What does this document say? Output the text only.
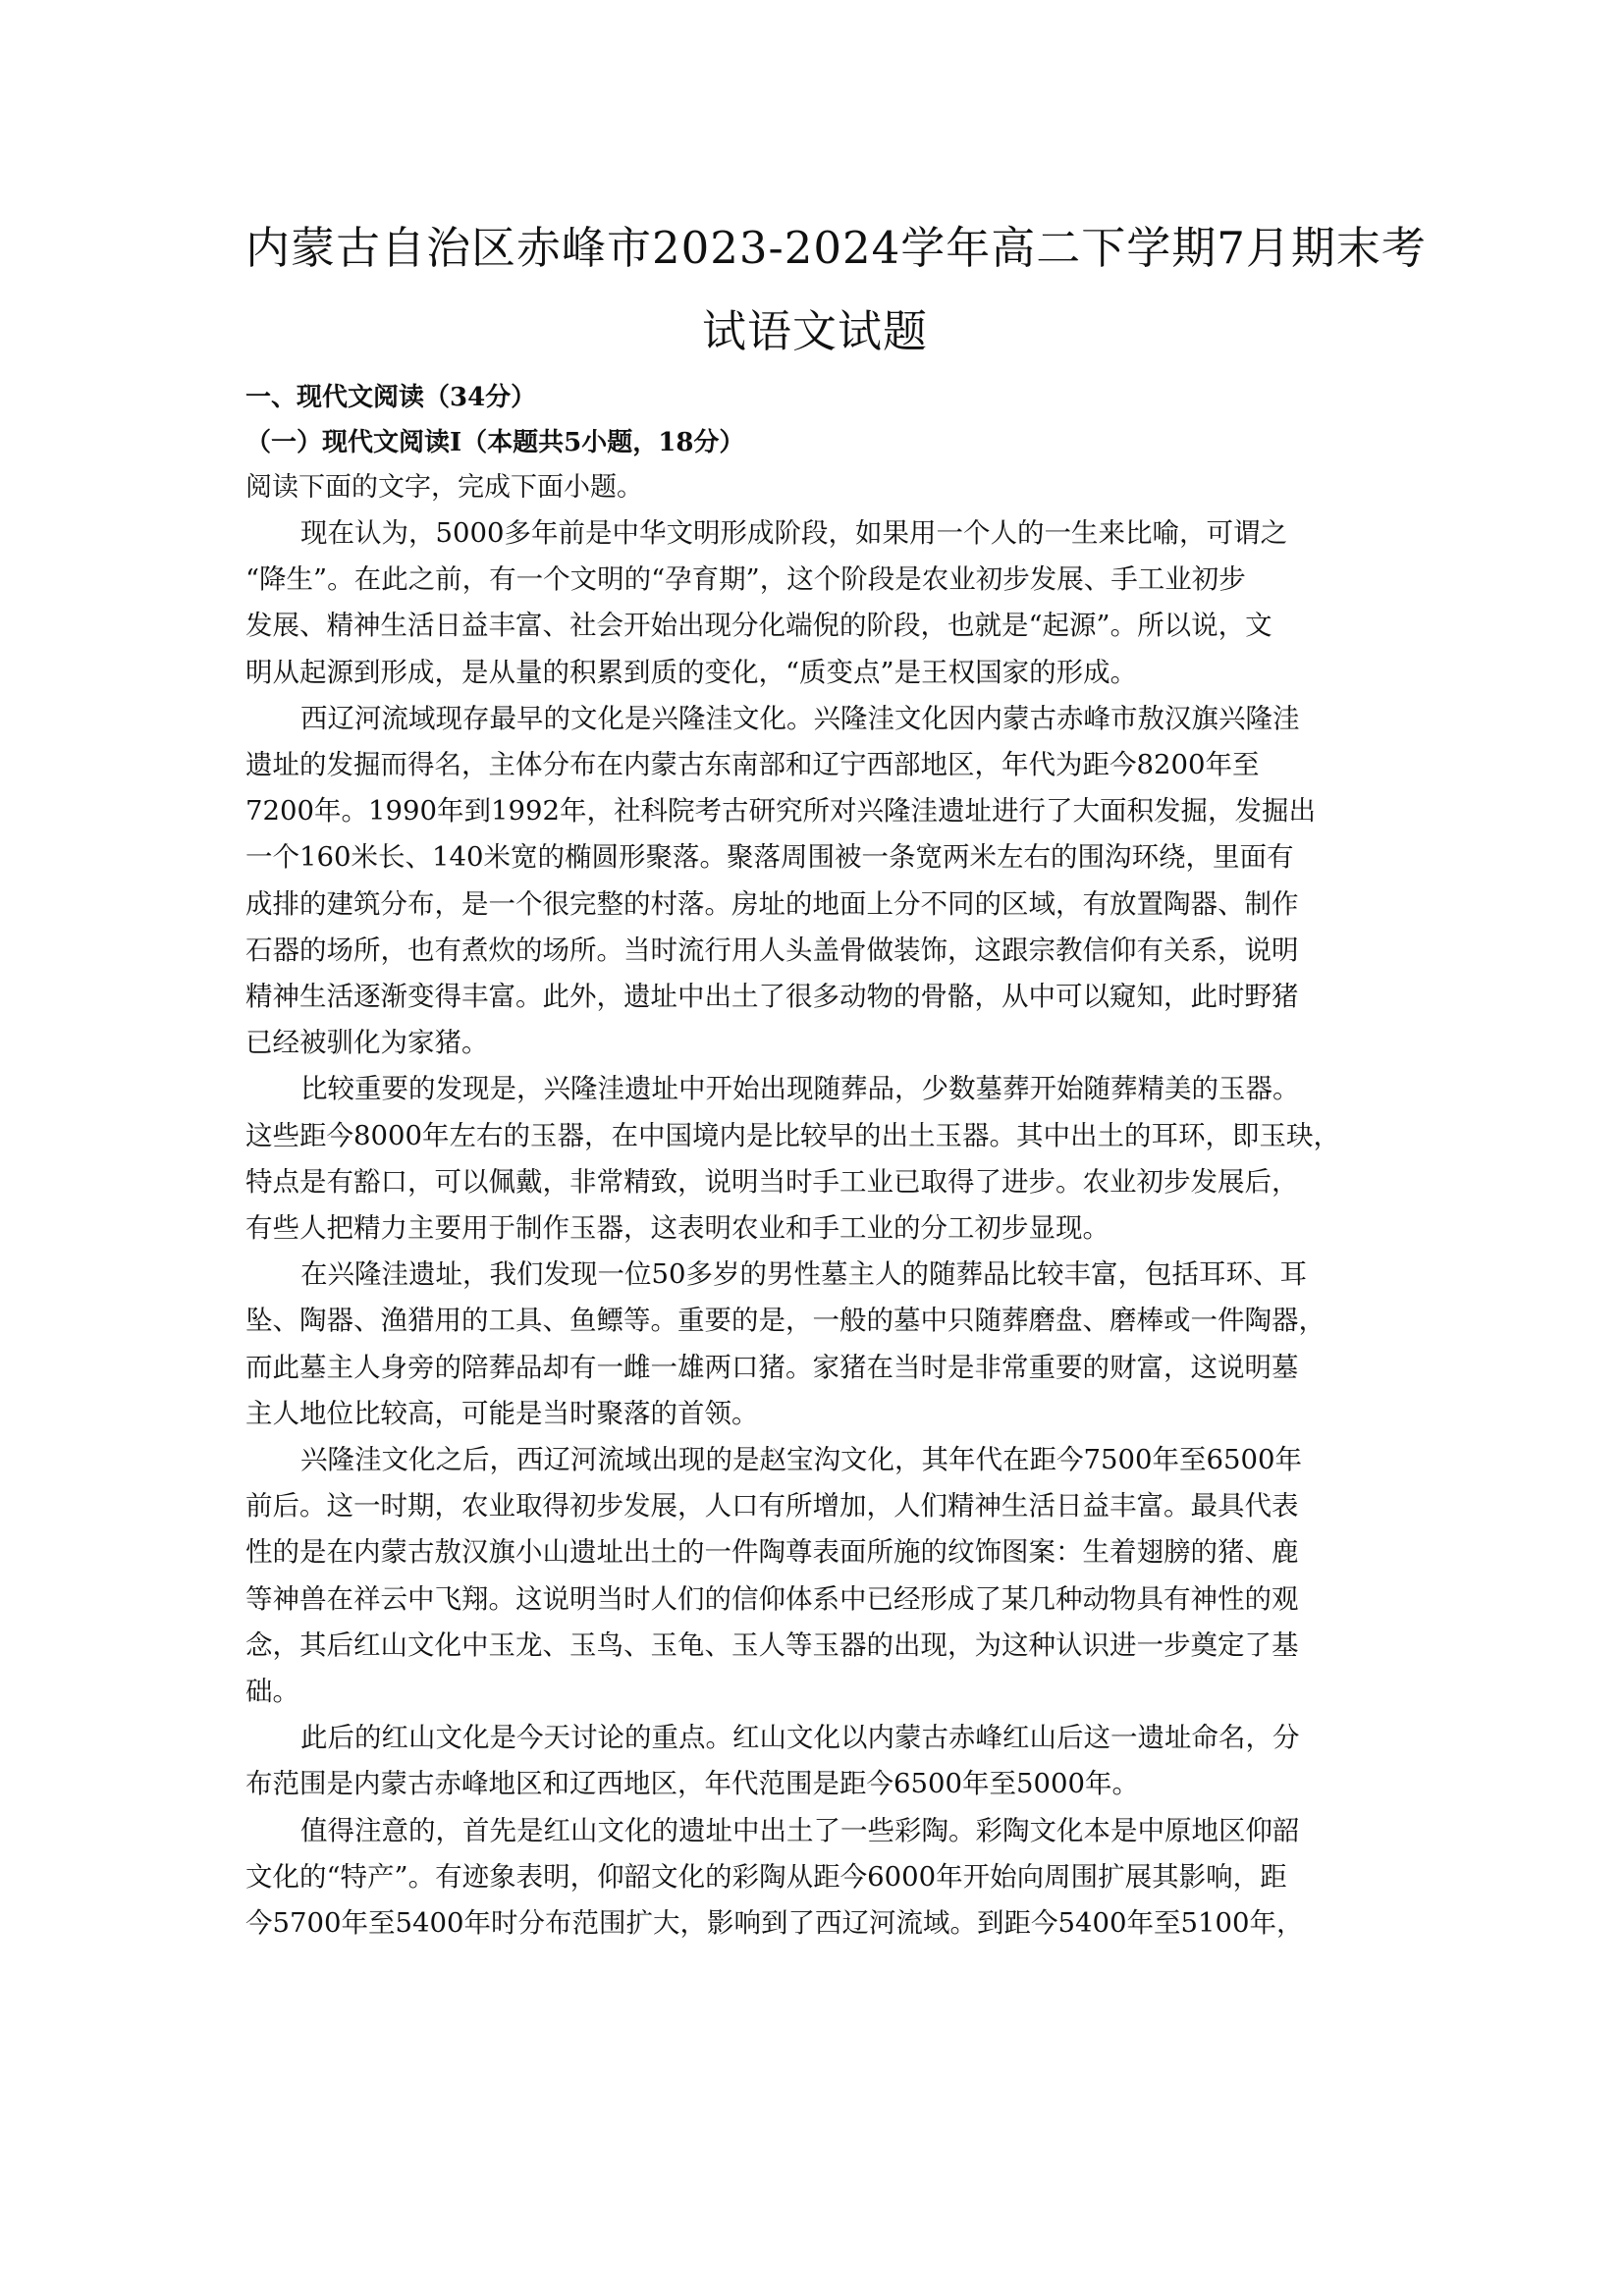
内蒙古自治区赤峰市2023-2024学年高二下学期7月期末考
试语文试题

一、现代文阅读（34分）

（一）现代文阅读Ⅰ（本题共5小题，18分）

阅读下面的文字，完成下面小题。

现在认为，5000多年前是中华文明形成阶段，如果用一个人的一生来比喻，可谓之
“降生”。在此之前，有一个文明的“孕育期”，这个阶段是农业初步发展、手工业初步
发展、精神生活日益丰富、社会开始出现分化端倪的阶段，也就是“起源”。所以说，文
明从起源到形成，是从量的积累到质的变化，“质变点”是王权国家的形成。
西辽河流域现存最早的文化是兴隆洼文化。兴隆洼文化因内蒙古赤峰市敖汉旗兴隆洼
遗址的发掘而得名，主体分布在内蒙古东南部和辽宁西部地区，年代为距今8200年至
7200年。1990年到1992年，社科院考古研究所对兴隆洼遗址进行了大面积发掘，发掘出
一个160米长、140米宽的椭圆形聚落。聚落周围被一条宽两米左右的围沟环绕，里面有
成排的建筑分布，是一个很完整的村落。房址的地面上分不同的区域，有放置陶器、制作
石器的场所，也有煮炊的场所。当时流行用人头盖骨做装饰，这跟宗教信仰有关系，说明
精神生活逐渐变得丰富。此外，遗址中出土了很多动物的骨骼，从中可以窥知，此时野猪
已经被驯化为家猪。
比较重要的发现是，兴隆洼遗址中开始出现随葬品，少数墓葬开始随葬精美的玉器。
这些距今8000年左右的玉器，在中国境内是比较早的出土玉器。其中出土的耳环，即玉玦，
特点是有豁口，可以佩戴，非常精致，说明当时手工业已取得了进步。农业初步发展后，
有些人把精力主要用于制作玉器，这表明农业和手工业的分工初步显现。
在兴隆洼遗址，我们发现一位50多岁的男性墓主人的随葬品比较丰富，包括耳环、耳
坠、陶器、渔猎用的工具、鱼鳔等。重要的是，一般的墓中只随葬磨盘、磨棒或一件陶器，
而此墓主人身旁的陪葬品却有一雌一雄两口猪。家猪在当时是非常重要的财富，这说明墓
主人地位比较高，可能是当时聚落的首领。
兴隆洼文化之后，西辽河流域出现的是赵宝沟文化，其年代在距今7500年至6500年
前后。这一时期，农业取得初步发展，人口有所增加，人们精神生活日益丰富。最具代表
性的是在内蒙古敖汉旗小山遗址出土的一件陶尊表面所施的纹饰图案：生着翅膀的猪、鹿
等神兽在祥云中飞翔。这说明当时人们的信仰体系中已经形成了某几种动物具有神性的观
念，其后红山文化中玉龙、玉鸟、玉龟、玉人等玉器的出现，为这种认识进一步奠定了基
础。
此后的红山文化是今天讨论的重点。红山文化以内蒙古赤峰红山后这一遗址命名，分
布范围是内蒙古赤峰地区和辽西地区，年代范围是距今6500年至5000年。
值得注意的，首先是红山文化的遗址中出土了一些彩陶。彩陶文化本是中原地区仰韶
文化的“特产”。有迹象表明，仰韶文化的彩陶从距今6000年开始向周围扩展其影响，距
今5700年至5400年时分布范围扩大，影响到了西辽河流域。到距今5400年至5100年，
